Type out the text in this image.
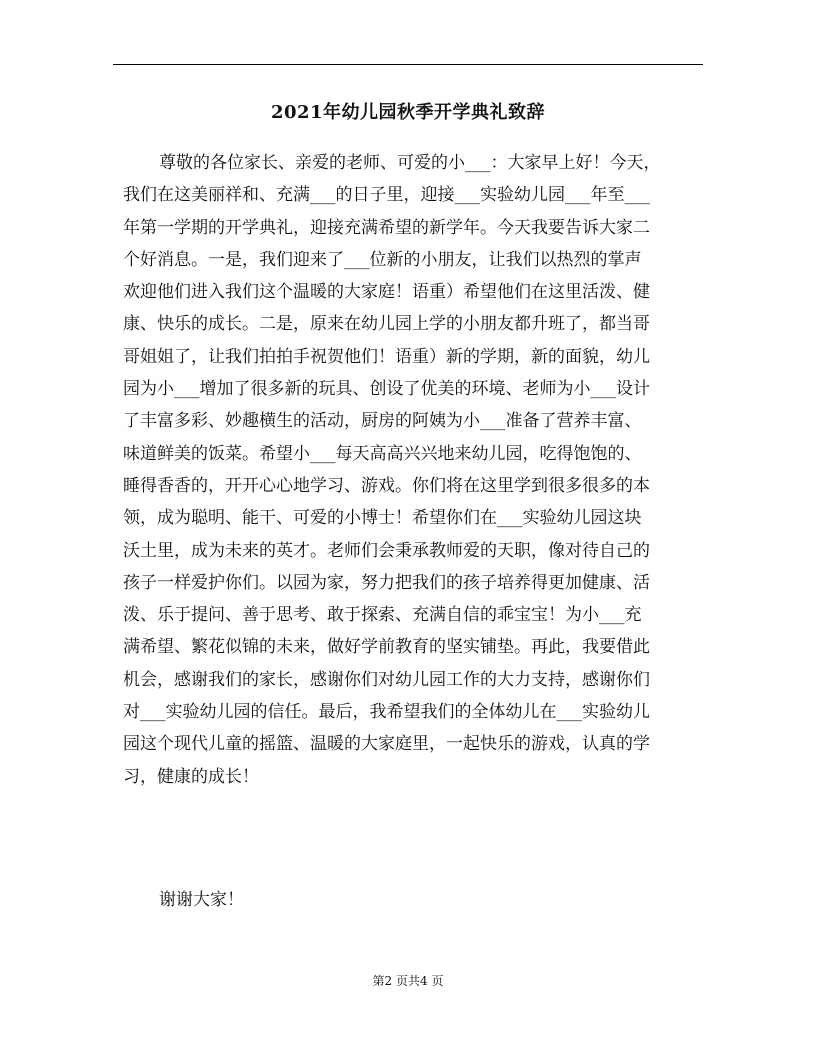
2021年幼儿园秋季开学典礼致辞
尊敬的各位家长、亲爱的老师、可爱的小___：大家早上好！今天，
我们在这美丽祥和、充满___的日子里，迎接___实验幼儿园___年至___
年第一学期的开学典礼，迎接充满希望的新学年。今天我要告诉大家二
个好消息。一是，我们迎来了___位新的小朋友，让我们以热烈的掌声
欢迎他们进入我们这个温暖的大家庭！语重）希望他们在这里活泼、健
康、快乐的成长。二是，原来在幼儿园上学的小朋友都升班了，都当哥
哥姐姐了，让我们拍拍手祝贺他们！语重）新的学期，新的面貌，幼儿
园为小___增加了很多新的玩具、创设了优美的环境、老师为小___设计
了丰富多彩、妙趣横生的活动，厨房的阿姨为小___准备了营养丰富、
味道鲜美的饭菜。希望小___每天高高兴兴地来幼儿园，吃得饱饱的、
睡得香香的，开开心心地学习、游戏。你们将在这里学到很多很多的本
领，成为聪明、能干、可爱的小博士！希望你们在___实验幼儿园这块
沃土里，成为未来的英才。老师们会秉承教师爱的天职，像对待自己的
孩子一样爱护你们。以园为家，努力把我们的孩子培养得更加健康、活
泼、乐于提问、善于思考、敢于探索、充满自信的乖宝宝！为小___充
满希望、繁花似锦的未来，做好学前教育的坚实铺垫。再此，我要借此
机会，感谢我们的家长，感谢你们对幼儿园工作的大力支持，感谢你们
对___实验幼儿园的信任。最后，我希望我们的全体幼儿在___实验幼儿
园这个现代儿童的摇篮、温暖的大家庭里，一起快乐的游戏，认真的学
习，健康的成长！
谢谢大家！
第2 页共4 页
